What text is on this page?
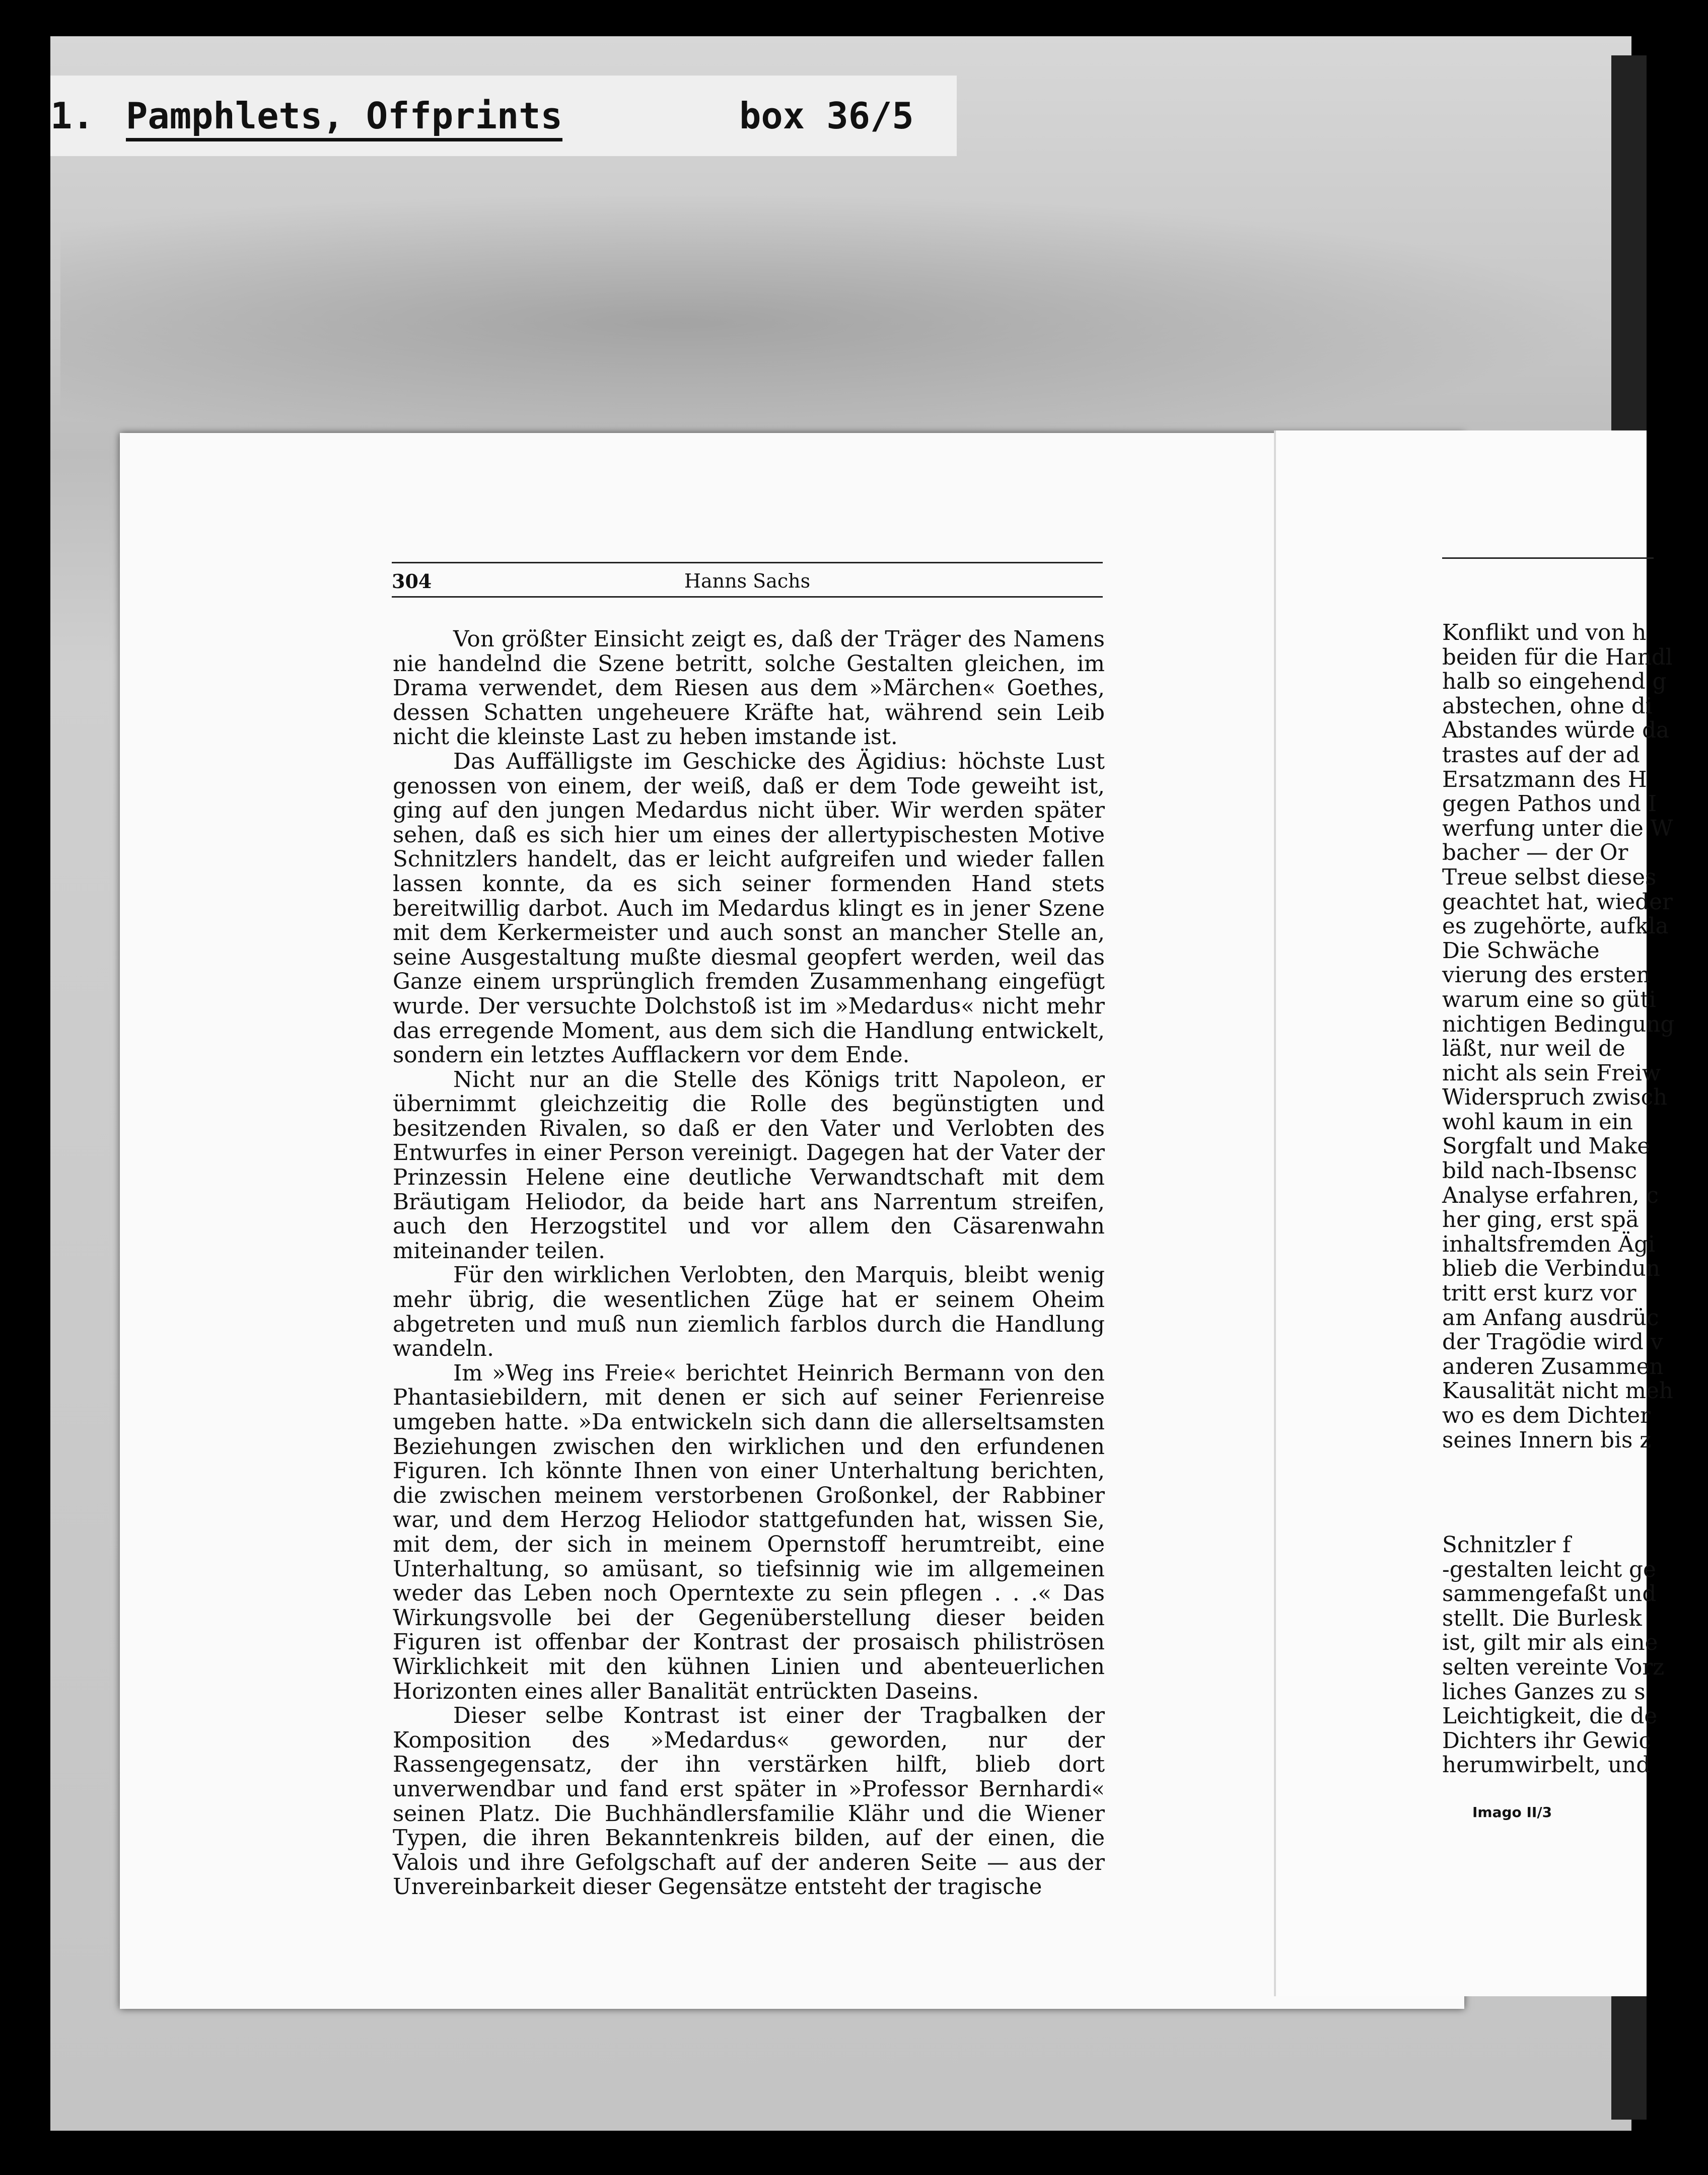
1. Pamphlets, Offprints	box 36/5
Konflikt und von h
beiden für die Handl
halb so eingehend g
abstechen, ohne di
Abstandes würde da
trastes auf der ad
Ersatzmann des H
gegen Pathos und I
werfung unter die W
bacher — der Or
Treue selbst dieses
geachtet hat, wieder
es zugehörte, aufkla
Die Schwäche
vierung des ersten
warum eine so güti
nichtigen Bedingung
läßt, nur weil de
nicht als sein Freiw
Widerspruch zwisch
wohl kaum in ein
Sorgfalt und Make
bild nach-Ibsensc
Analyse erfahren, c
her ging, erst spä
inhaltsfremden Ägi
blieb die Verbindun
tritt erst kurz vor
am Anfang ausdrüc
der Tragödie wird v
anderen Zusammen
Kausalität nicht meh
wo es dem Dichter
seines Innern bis z
Schnitzler f
-gestalten leicht ge
sammengefaßt und
stellt. Die Burlesk
ist, gilt mir als eine
selten vereinte Vorz
liches Ganzes zu s
Leichtigkeit, die de
Dichters ihr Gewic
herumwirbelt, und
Imago II/3
304	Hanns Sachs

Von größter Einsicht zeigt es, daß der Träger des Namens nie handelnd die Szene betritt, solche Gestalten gleichen, im Drama verwendet, dem Riesen aus dem »Märchen« Goethes, dessen Schatten ungeheuere Kräfte hat, während sein Leib nicht die kleinste Last zu heben imstande ist.

Das Auffälligste im Geschicke des Ägidius: höchste Lust genossen von einem, der weiß, daß er dem Tode geweiht ist, ging auf den jungen Medardus nicht über. Wir werden später sehen, daß es sich hier um eines der allertypischesten Motive Schnitzlers handelt, das er leicht aufgreifen und wieder fallen lassen konnte, da es sich seiner formenden Hand stets bereitwillig darbot. Auch im Medardus klingt es in jener Szene mit dem Kerkermeister und auch sonst an mancher Stelle an, seine Ausgestaltung mußte diesmal geopfert werden, weil das Ganze einem ursprünglich fremden Zusammenhang eingefügt wurde. Der versuchte Dolchstoß ist im »Medardus« nicht mehr das erregende Moment, aus dem sich die Handlung entwickelt, sondern ein letztes Aufflackern vor dem Ende.

Nicht nur an die Stelle des Königs tritt Napoleon, er übernimmt gleichzeitig die Rolle des begünstigten und besitzenden Rivalen, so daß er den Vater und Verlobten des Entwurfes in einer Person vereinigt. Dagegen hat der Vater der Prinzessin Helene eine deutliche Verwandtschaft mit dem Bräutigam Heliodor, da beide hart ans Narrentum streifen, auch den Herzogstitel und vor allem den Cäsarenwahn miteinander teilen.

Für den wirklichen Verlobten, den Marquis, bleibt wenig mehr übrig, die wesentlichen Züge hat er seinem Oheim abgetreten und muß nun ziemlich farblos durch die Handlung wandeln.

Im »Weg ins Freie« berichtet Heinrich Bermann von den Phantasiebildern, mit denen er sich auf seiner Ferienreise umgeben hatte. »Da entwickeln sich dann die allerseltsamsten Beziehungen zwischen den wirklichen und den erfundenen Figuren. Ich könnte Ihnen von einer Unterhaltung berichten, die zwischen meinem verstorbenen Großonkel, der Rabbiner war, und dem Herzog Heliodor stattgefunden hat, wissen Sie, mit dem, der sich in meinem Opernstoff herumtreibt, eine Unterhaltung, so amüsant, so tiefsinnig wie im allgemeinen weder das Leben noch Operntexte zu sein pflegen . . .« Das Wirkungsvolle bei der Gegenüberstellung dieser beiden Figuren ist offenbar der Kontrast der prosaisch philiströsen Wirklichkeit mit den kühnen Linien und abenteuerlichen Horizonten eines aller Banalität entrückten Daseins.

Dieser selbe Kontrast ist einer der Tragbalken der Komposition des »Medardus« geworden, nur der Rassengegensatz, der ihn verstärken hilft, blieb dort unverwendbar und fand erst später in »Professor Bernhardi« seinen Platz. Die Buchhändlersfamilie Klähr und die Wiener Typen, die ihren Bekanntenkreis bilden, auf der einen, die Valois und ihre Gefolgschaft auf der anderen Seite — aus der Unvereinbarkeit dieser Gegensätze entsteht der tragische
